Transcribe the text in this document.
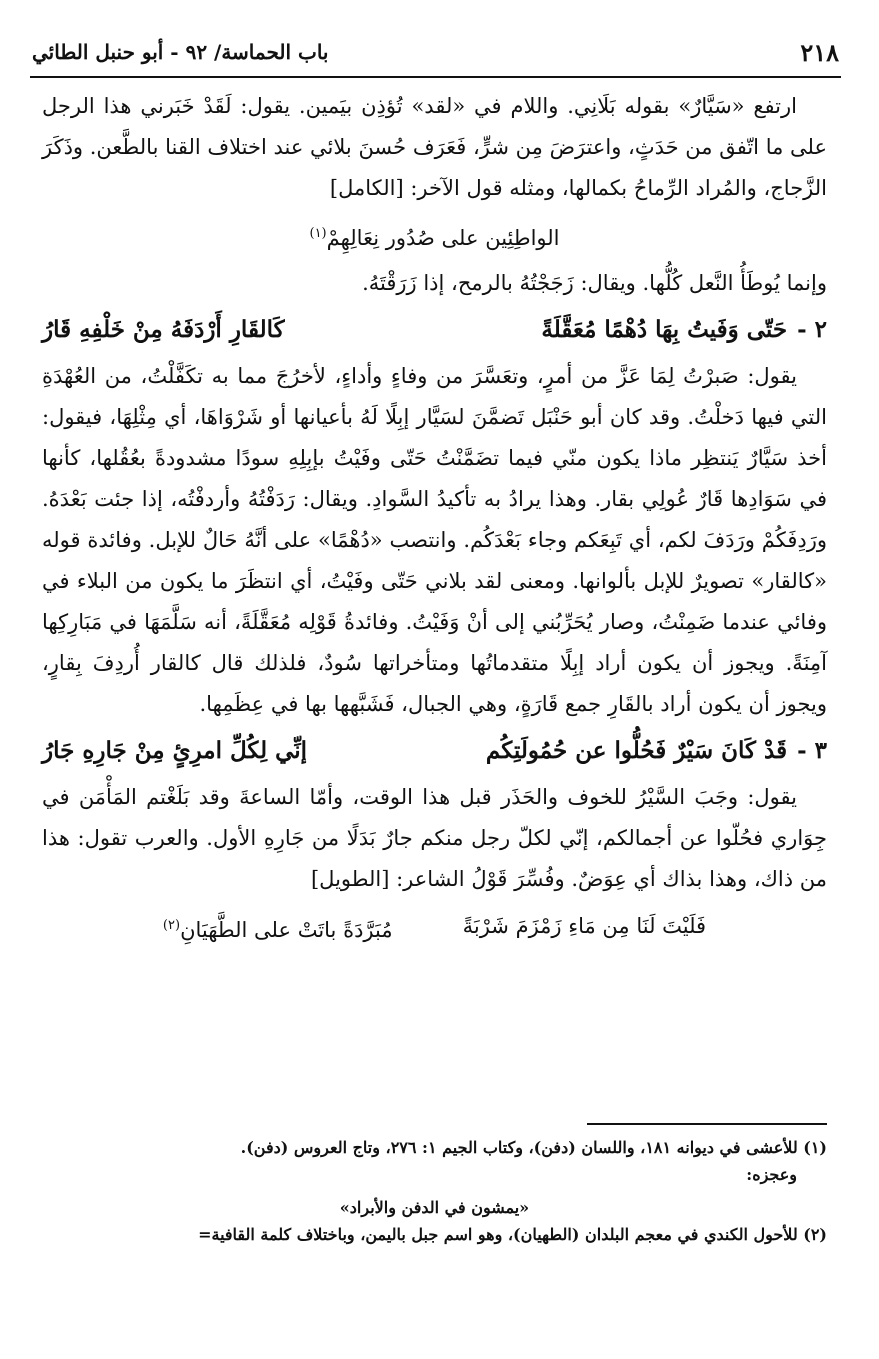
٢١٨
باب الحماسة/ ٩٢ - أبو حنبل الطائي

ارتفع «سَيَّارٌ» بقوله بَلَانِي. واللام في «لقد» تُؤذِن بيَمين. يقول: لَقَدْ خَبَرني هذا الرجل على ما اتّفق من حَدَثٍ، واعترَضَ مِن شرٍّ، فَعَرَف حُسنَ بلائي عند اختلاف القنا بالطَّعن. وذَكَرَ الزَّجاج، والمُراد الرِّماحُ بكمالها، ومثله قول الآخر: [الكامل]

الواطِئِين على صُدُور نِعَالِهِمْ$^{(١)}$

وإنما يُوطَأُ النَّعل كُلُّها. ويقال: زَجَجْتُهُ بالرمح، إذا زَرَقْتَهُ.

٢ -حَتّى وَفَيتُ بِهَا دُهْمًا مُعَقَّلَةً
كَالقَارِ أَرْدَفَهُ مِنْ خَلْفِهِ قَارُ

يقول: صَبرْتُ لِمَا عَزَّ من أمرٍ، وتعَسَّرَ من وفاءٍ وأداءٍ، لأخرُجَ مما به تكَفَّلْتُ، من العُهْدَةِ التي فيها دَخلْتُ. وقد كان أبو حَنْبَل تَضمَّنَ لسَيَّار إبِلًا لَهُ بأعيانها أو شَرْوَاهَا، أي مِثْلِهَا، فيقول: أخذ سَيَّارٌ يَنتظِر ماذا يكون منّي فيما تضَمَّنْتُ حَتّى وفَيْتُ بإبِلِهِ سودًا مشدودةً بعُقُلها، كأنها في سَوَادِها قَارٌ عُولِي بقار. وهذا يرادُ به تأكيدُ السَّوادِ. ويقال: رَدَفْتُهُ وأردفْتُه، إذا جئت بَعْدَهُ. ورَدِفَكُمْ ورَدَفَ لكم، أي تَبِعَكم وجاء بَعْدَكُم. وانتصب «دُهْمًا» على أنَّهُ حَالٌ للإبل. وفائدة قوله «كالقار» تصويرٌ للإبل بألوانها. ومعنى لقد بلاني حَتّى وفَيْتُ، أي انتظَرَ ما يكون من البلاء في وفائي عندما ضَمِنْتُ، وصار يُحَرِّبُني إلى أنْ وَفَيْتُ. وفائدةُ قَوْلِه مُعَقَّلَةً، أنه سَلَّمَهَا في مَبَارِكِها آمِنَةً. ويجوز أن يكون أراد إبِلًا متقدماتُها ومتأخراتها سُودٌ، فلذلك قال كالقار أُردِفَ بِقارٍ، ويجوز أن يكون أراد بالقَارِ جمع قَارَةٍ، وهي الجبال، فَشَبَّهها بها في عِظَمِها.

٣ -قَدْ كَانَ سَيْرٌ فَحُلُّوا عن حُمُولَتِكُم
إنِّي لِكُلِّ امرِئٍ مِنْ جَارِهِ جَارُ

يقول: وجَبَ السَّيْرُ للخوف والحَذَر قبل هذا الوقت، وأمّا الساعةَ وقد بَلَغْتم المَأْمَن في جِوَاري فحُلّوا عن أجمالكم، إنّي لكلّ رجل منكم جارٌ بَدَلًا من جَارِهِ الأول. والعرب تقول: هذا من ذاك، وهذا بذاك أي عِوَضٌ. وفُسِّرَ قَوْلُ الشاعر: [الطويل]

فَلَيْتَ لَنَا مِن مَاءِ زَمْزَمَ شَرْبَةً
مُبَرَّدَةً باتَتْ على الطَّهَيَانِ$^{(٢)}$
(١) للأعشى في ديوانه ١٨١، واللسان (دفن)، وكتاب الجيم ١: ٢٧٦، وتاج العروس (دفن).
وعجزه:
«يمشون في الدفن والأبراد»
(٢) للأحول الكندي في معجم البلدان (الطهيان)، وهو اسم جبل باليمن، وباختلاف كلمة القافية=
